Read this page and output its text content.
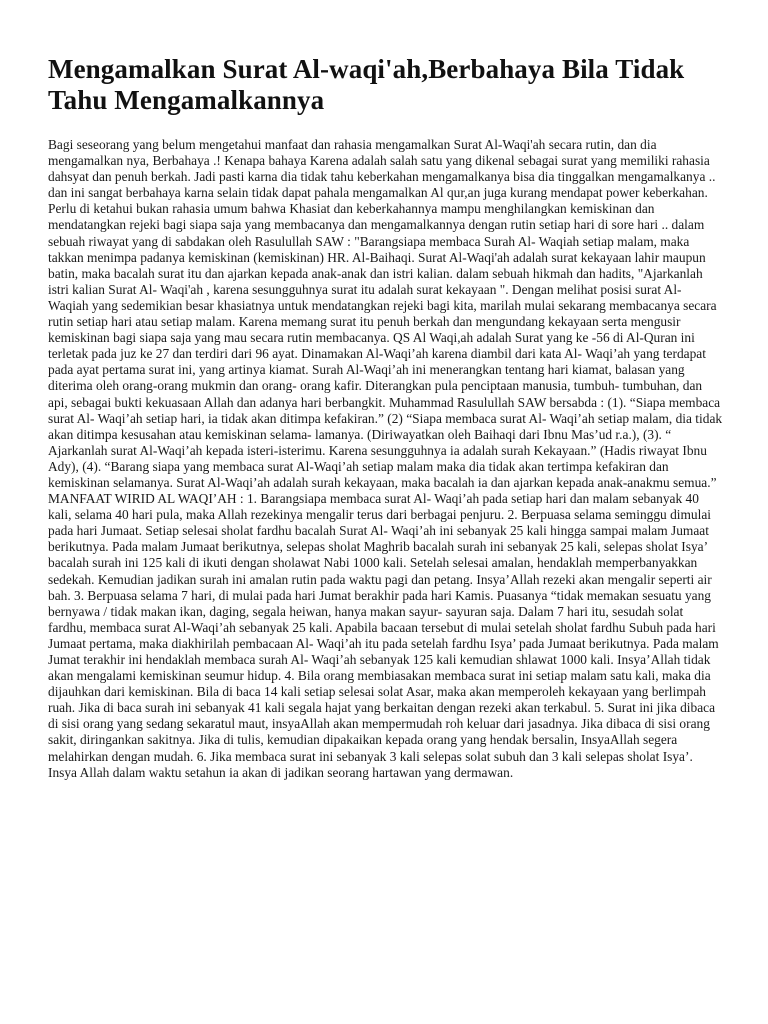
Mengamalkan Surat Al-waqi'ah,Berbahaya Bila Tidak Tahu Mengamalkannya

Bagi seseorang yang belum mengetahui manfaat dan rahasia mengamalkan Surat Al-Waqi'ah secara rutin, dan dia mengamalkan nya, Berbahaya .! Kenapa bahaya Karena adalah salah satu yang dikenal sebagai surat yang memiliki rahasia dahsyat dan penuh berkah. Jadi pasti karna dia tidak tahu keberkahan mengamalkanya bisa dia tinggalkan mengamalkanya .. dan ini sangat berbahaya karna selain tidak dapat pahala mengamalkan Al qur,an juga kurang mendapat power keberkahan. Perlu di ketahui bukan rahasia umum bahwa Khasiat dan keberkahannya mampu menghilangkan kemiskinan dan mendatangkan rejeki bagi siapa saja yang membacanya dan mengamalkannya dengan rutin setiap hari di sore hari .. dalam sebuah riwayat yang di sabdakan oleh Rasulullah SAW : "Barangsiapa membaca Surah Al- Waqiah setiap malam, maka takkan menimpa padanya kemiskinan (kemiskinan) HR. Al-Baihaqi. Surat Al-Waqi'ah adalah surat kekayaan lahir maupun batin, maka bacalah surat itu dan ajarkan kepada anak-anak dan istri kalian. dalam sebuah hikmah dan hadits, "Ajarkanlah istri kalian Surat Al- Waqi'ah , karena sesungguhnya surat itu adalah surat kekayaan ". Dengan melihat posisi surat Al- Waqiah yang sedemikian besar khasiatnya untuk mendatangkan rejeki bagi kita, marilah mulai sekarang membacanya secara rutin setiap hari atau setiap malam. Karena memang surat itu penuh berkah dan mengundang kekayaan serta mengusir kemiskinan bagi siapa saja yang mau secara rutin membacanya. QS Al Waqi,ah adalah Surat yang ke -56 di Al-Quran ini terletak pada juz ke 27 dan terdiri dari 96 ayat. Dinamakan Al-Waqi’ah karena diambil dari kata Al- Waqi’ah yang terdapat pada ayat pertama surat ini, yang artinya kiamat. Surah Al-Waqi’ah ini menerangkan tentang hari kiamat, balasan yang diterima oleh orang-orang mukmin dan orang- orang kafir. Diterangkan pula penciptaan manusia, tumbuh- tumbuhan, dan api, sebagai bukti kekuasaan Allah dan adanya hari berbangkit. Muhammad Rasulullah SAW bersabda : (1). “Siapa membaca surat Al- Waqi’ah setiap hari, ia tidak akan ditimpa kefakiran.” (2) “Siapa membaca surat Al- Waqi’ah setiap malam, dia tidak akan ditimpa kesusahan atau kemiskinan selama- lamanya. (Diriwayatkan oleh Baihaqi dari Ibnu Mas’ud r.a.), (3). “ Ajarkanlah surat Al-Waqi’ah kepada isteri-isterimu. Karena sesungguhnya ia adalah surah Kekayaan.” (Hadis riwayat Ibnu Ady), (4). “Barang siapa yang membaca surat Al-Waqi’ah setiap malam maka dia tidak akan tertimpa kefakiran dan kemiskinan selamanya. Surat Al-Waqi’ah adalah surah kekayaan, maka bacalah ia dan ajarkan kepada anak-anakmu semua.” MANFAAT WIRID AL WAQI’AH : 1. Barangsiapa membaca surat Al- Waqi’ah pada setiap hari dan malam sebanyak 40 kali, selama 40 hari pula, maka Allah rezekinya mengalir terus dari berbagai penjuru. 2. Berpuasa selama seminggu dimulai pada hari Jumaat. Setiap selesai sholat fardhu bacalah Surat Al- Waqi’ah ini sebanyak 25 kali hingga sampai malam Jumaat berikutnya. Pada malam Jumaat berikutnya, selepas sholat Maghrib bacalah surah ini sebanyak 25 kali, selepas sholat Isya’ bacalah surah ini 125 kali di ikuti dengan sholawat Nabi 1000 kali. Setelah selesai amalan, hendaklah memperbanyakkan sedekah. Kemudian jadikan surah ini amalan rutin pada waktu pagi dan petang. Insya’Allah rezeki akan mengalir seperti air bah. 3. Berpuasa selama 7 hari, di mulai pada hari Jumat berakhir pada hari Kamis. Puasanya “tidak memakan sesuatu yang bernyawa / tidak makan ikan, daging, segala heiwan, hanya makan sayur- sayuran saja. Dalam 7 hari itu, sesudah solat fardhu, membaca surat Al-Waqi’ah sebanyak 25 kali. Apabila bacaan tersebut di mulai setelah sholat fardhu Subuh pada hari Jumaat pertama, maka diakhirilah pembacaan Al- Waqi’ah itu pada setelah fardhu Isya’ pada Jumaat berikutnya. Pada malam Jumat terakhir ini hendaklah membaca surah Al- Waqi’ah sebanyak 125 kali kemudian shlawat 1000 kali. Insya’Allah tidak akan mengalami kemiskinan seumur hidup. 4. Bila orang membiasakan membaca surat ini setiap malam satu kali, maka dia dijauhkan dari kemiskinan. Bila di baca 14 kali setiap selesai solat Asar, maka akan memperoleh kekayaan yang berlimpah ruah. Jika di baca surah ini sebanyak 41 kali segala hajat yang berkaitan dengan rezeki akan terkabul. 5. Surat ini jika dibaca di sisi orang yang sedang sekaratul maut, insyaAllah akan mempermudah roh keluar dari jasadnya. Jika dibaca di sisi orang sakit, diringankan sakitnya. Jika di tulis, kemudian dipakaikan kepada orang yang hendak bersalin, InsyaAllah segera melahirkan dengan mudah. 6. Jika membaca surat ini sebanyak 3 kali selepas solat subuh dan 3 kali selepas sholat Isya’. Insya Allah dalam waktu setahun ia akan di jadikan seorang hartawan yang dermawan.
